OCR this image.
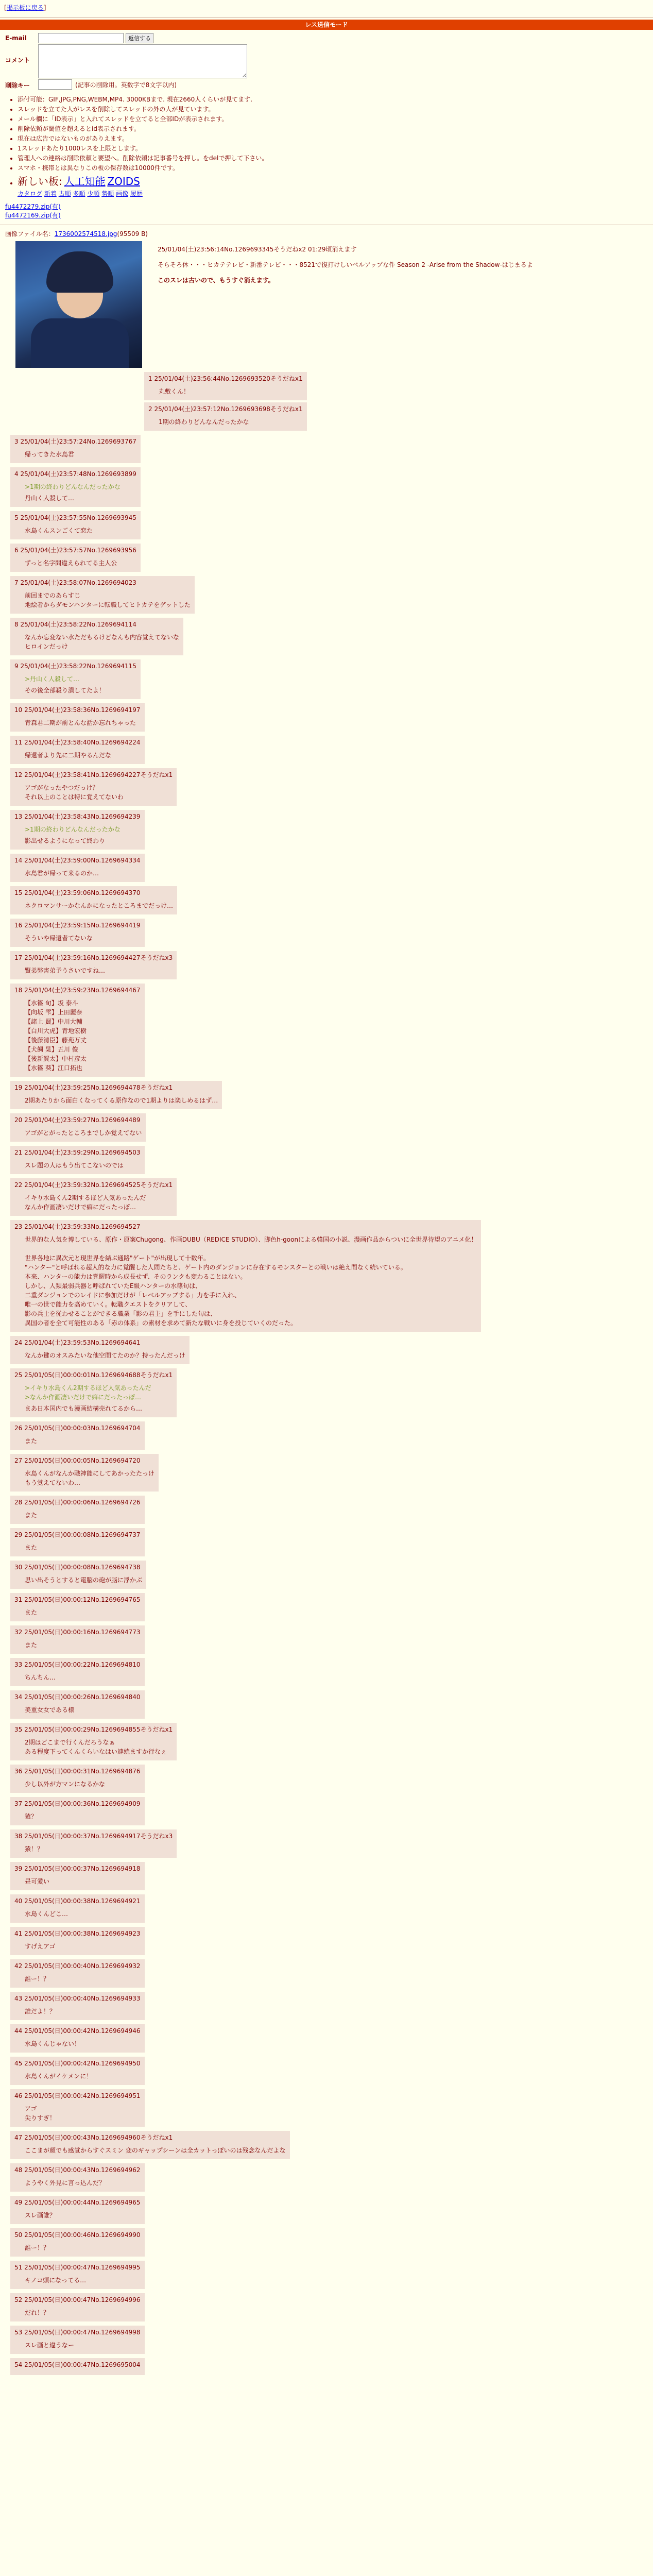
[掲示板に戻る]
レス送信モード
E-mail	返信する
コメント
削除キー	(記事の削除用。英数字で8文字以内)
• 添付可能：GIF,JPG,PNG,WEBM,MP4. 3000KBまで. 現在2660人くらいが見てます.
• スレッドを立てた人がレスを削除してスレッドの外の人が見ています。
• メール欄に「ID表示」と入れてスレッドを立てると全部IDが表示されます。
• 削除依頼が閾値を超えるとid表示されます。
• 現在は広告ではないものがありえます。
• 1スレッドあたり1000レスを上限とします。
• 管理人への連絡は削除依頼と要望へ。削除依頼は記事番号を押し。をdelで押して下さい。
• スマホ・携帯とは異なりこの板の保存数は10000件です。
• 新しい板: 人工知能 ZOIDS
カタログ 新着 古順 多順 少順 勢順 画像 履歴
fu4472279.zip(有)
fu4472169.zip(有)
画像ファイル名：1736002574518.jpg(95509 B)
25/01/04(土)23:56:14No.1269693345そうだねx2 01:29頃消えます
そらそろ休・・・ヒカテテレビ・新番テレビ・・・8521で復打けしいベルアップな件 Season 2 -Arise from the Shadow-はじまるよ
このスレは古いので、もうすぐ消えます。
1 25/01/04(土)23:56:44No.1269693520そうだねx1
丸敷くん！
2 25/01/04(土)23:57:12No.1269693698そうだねx1
1期の終わりどんなんだったかな
3 25/01/04(土)23:57:24No.1269693767
帰ってきた水島君
4 25/01/04(土)23:57:48No.1269693899
>1期の終わりどんなんだったかな
丹山く人殺して…
5 25/01/04(土)23:57:55No.1269693945
水島くんスンごくて恋た
6 25/01/04(土)23:57:57No.1269693956
ずっと名字間違えられてる主人公
7 25/01/04(土)23:58:07No.1269694023
前回までのあらすじ
地絵者からダモンハンターに転職してヒトカテをゲットした
8 25/01/04(土)23:58:22No.1269694114
なんか忘変ない水ただもるけどなんも内容覚えてないな
ヒロインだっけ
9 25/01/04(土)23:58:22No.1269694115
>丹山く人殺して…
その後全部殺り潰してたよ！
10 25/01/04(土)23:58:36No.1269694197
青森君二期が前とんな話か忘れちゃった
11 25/01/04(土)23:58:40No.1269694224
帰還者より先に二期やるんだな
12 25/01/04(土)23:58:41No.1269694227そうだねx1
アゴがなったやつだっけ？
それ以上のことは特に覚えてないわ
13 25/01/04(土)23:58:43No.1269694239
>1期の終わりどんなんだったかな
影出せるようになって終わり
14 25/01/04(土)23:59:00No.1269694334
水島君が帰って来るのか…
15 25/01/04(土)23:59:06No.1269694370
ネクロマンサーかなんかになったところまでだっけ…
16 25/01/04(土)23:59:15No.1269694419
そういや帰還者てないな
17 25/01/04(土)23:59:16No.1269694427そうだねx3
賢弟弊害弟予うさいですね…
18 25/01/04(土)23:59:23No.1269694467
【水篠 旬】坂 泰斗
【向坂 雫】上田麗奈
【諸上 賢】中川大輔
【白川大虎】青地宏樹
【後藤清臣】藤苑万丈
【犬飼 晃】五川 俊
【後新賀太】中村彦太
【水篠 葵】江口拓也
19 25/01/04(土)23:59:25No.1269694478そうだねx1
2期あたりから面白くなってくる原作なので1期よりは楽しめるはず…
20 25/01/04(土)23:59:27No.1269694489
アゴがとがったところまでしか覚えてない
21 25/01/04(土)23:59:29No.1269694503
スレ題の人はもう出てこないのでは
22 25/01/04(土)23:59:32No.1269694525そうだねx1
イキり水島くん2期するほど人気あったんだ
なんか作画凄いだけで癖にだったっぽ…
23 25/01/04(土)23:59:33No.1269694527
世界的な人気を博している、原作・原案Chugong、作画DUBU（REDICE STUDIO）、脚色h-goonによる韓国の小説、漫画作品からついに全世界待望のアニメ化！

世界各地に異次元と現世界を結ぶ通路"ゲート"が出現して十数年。
"ハンター"と呼ばれる超人的な力に覚醒した人間たちと、ゲート内のダンジョンに存在するモンスターとの戦いは絶え間なく続いている。
本来、ハンターの能力は覚醒時から成長せず、そのランクも変わることはない。
しかし、人類最弱兵器と呼ばれていたE級ハンターの水篠旬は、
二重ダンジョンでのレイドに参加だけが「レベルアップする」力を手に入れ、
唯一の世で能力を高めていく。転職クエストをクリアして、
影の兵士を従わせることができる職業「影の君主」を手にした旬は、
異国の者を全て可能性のある「赤の体系」の素材を求めて新たな戦いに身を投じていくのだった。
24 25/01/04(土)23:59:53No.1269694641
なんか鍵のオスみたいな他空間てたのか？持ったんだっけ
25 25/01/05(日)00:00:01No.1269694688そうだねx1
>イキり水島くん2期するほど人気あったんだ
>なんか作画凄いだけで癖にだったっぽ…
まあ日本国内でも漫画結構売れてるから…
26 25/01/05(日)00:00:03No.1269694704
また
27 25/01/05(日)00:00:05No.1269694720
水島くんがなんか職神能にしてあかったたっけ
もう覚えてないわ…
28 25/01/05(日)00:00:06No.1269694726
また
29 25/01/05(日)00:00:08No.1269694737
また
30 25/01/05(日)00:00:08No.1269694738
思い出そうとすると電脳の砲が脳に浮かぶ
31 25/01/05(日)00:00:12No.1269694765
また
32 25/01/05(日)00:00:16No.1269694773
また
33 25/01/05(日)00:00:22No.1269694810
ちんちん…
34 25/01/05(日)00:00:26No.1269694840
美重女女である様
35 25/01/05(日)00:00:29No.1269694855そうだねx1
2期はどこまで行くんだろうなぁ
ある程度下ってくんくらいなはい連続ますか行なぇ
36 25/01/05(日)00:00:31No.1269694876
少し以外が方マンになるかな
37 25/01/05(日)00:00:36No.1269694909
猿？
38 25/01/05(日)00:00:37No.1269694917そうだねx3
猿！？
39 25/01/05(日)00:00:37No.1269694918
昼可愛い
40 25/01/05(日)00:00:38No.1269694921
水島くんどこ…
41 25/01/05(日)00:00:38No.1269694923
すげえアゴ
42 25/01/05(日)00:00:40No.1269694932
誰ー！？
43 25/01/05(日)00:00:40No.1269694933
誰だよ！？
44 25/01/05(日)00:00:42No.1269694946
水島くんじゃない！
45 25/01/05(日)00:00:42No.1269694950
水島くんがイケメンに！
46 25/01/05(日)00:00:42No.1269694951
アゴ
尖りすぎ！
47 25/01/05(日)00:00:43No.1269694960そうだねx1
ここまが顔でも感覚からすぐスミン 変のギャップシーンは全カットっぽいのは残念なんだよな
48 25/01/05(日)00:00:43No.1269694962
ようやく外見に言っ込んだ？
49 25/01/05(日)00:00:44No.1269694965
スレ画誰？
50 25/01/05(日)00:00:46No.1269694990
誰ー！？
51 25/01/05(日)00:00:47No.1269694995
キノコ頭になってる…
52 25/01/05(日)00:00:47No.1269694996
だれ！？
53 25/01/05(日)00:00:47No.1269694998
スレ画と違うなー
54 25/01/05(日)00:00:47No.1269695004
